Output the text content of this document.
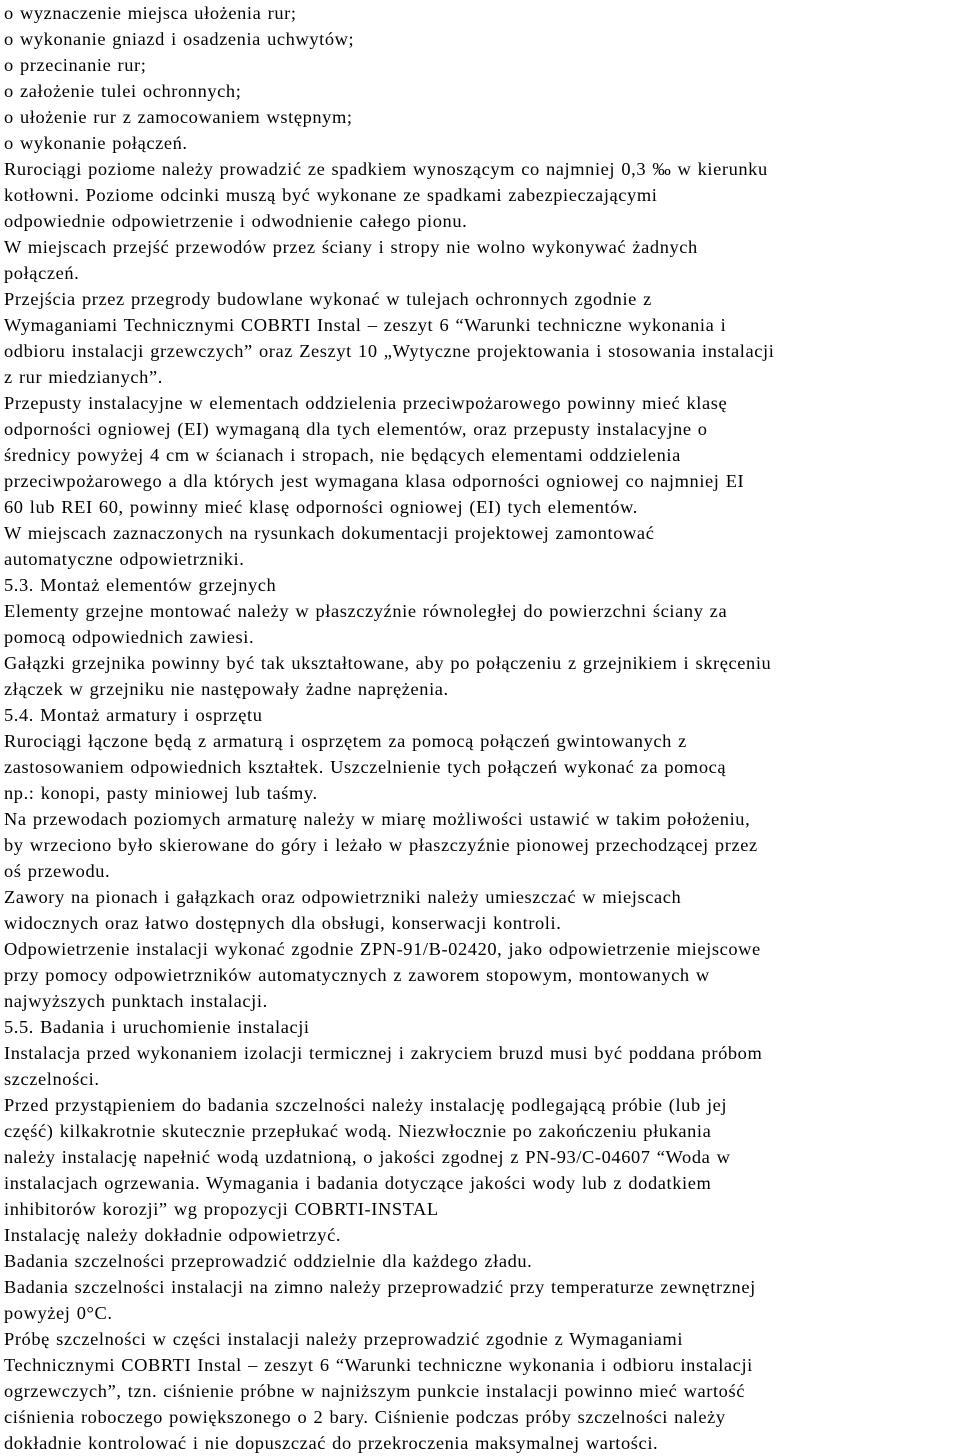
o wyznaczenie miejsca ułożenia rur;
o wykonanie gniazd i osadzenia uchwytów;
o przecinanie rur;
o założenie tulei ochronnych;
o ułożenie rur z zamocowaniem wstępnym;
o wykonanie połączeń.
Rurociągi poziome należy prowadzić ze spadkiem wynoszącym co najmniej 0,3 ‰ w kierunku
kotłowni. Poziome odcinki muszą być wykonane ze spadkami zabezpieczającymi
odpowiednie odpowietrzenie i odwodnienie całego pionu.
W miejscach przejść przewodów przez ściany i stropy nie wolno wykonywać żadnych
połączeń.
Przejścia przez przegrody budowlane wykonać w tulejach ochronnych zgodnie z
Wymaganiami Technicznymi COBRTI Instal – zeszyt 6 “Warunki techniczne wykonania i
odbioru instalacji grzewczych” oraz Zeszyt 10 „Wytyczne projektowania i stosowania instalacji
z rur miedzianych”.
Przepusty instalacyjne w elementach oddzielenia przeciwpożarowego powinny mieć klasę
odporności ogniowej (EI) wymaganą dla tych elementów, oraz przepusty instalacyjne o
średnicy powyżej 4 cm w ścianach i stropach, nie będących elementami oddzielenia
przeciwpożarowego a dla których jest wymagana klasa odporności ogniowej co najmniej EI
60 lub REI 60, powinny mieć klasę odporności ogniowej (EI) tych elementów.
W miejscach zaznaczonych na rysunkach dokumentacji projektowej zamontować
automatyczne odpowietrzniki.
5.3. Montaż elementów grzejnych
Elementy grzejne montować należy w płaszczyźnie równoległej do powierzchni ściany za
pomocą odpowiednich zawiesi.
Gałązki grzejnika powinny być tak ukształtowane, aby po połączeniu z grzejnikiem i skręceniu
złączek w grzejniku nie następowały żadne naprężenia.
5.4. Montaż armatury i osprzętu
Rurociągi łączone będą z armaturą i osprzętem za pomocą połączeń gwintowanych z
zastosowaniem odpowiednich kształtek. Uszczelnienie tych połączeń wykonać za pomocą
np.: konopi, pasty miniowej lub taśmy.
Na przewodach poziomych armaturę należy w miarę możliwości ustawić w takim położeniu,
by wrzeciono było skierowane do góry i leżało w płaszczyźnie pionowej przechodzącej przez
oś przewodu.
Zawory na pionach i gałązkach oraz odpowietrzniki należy umieszczać w miejscach
widocznych oraz łatwo dostępnych dla obsługi, konserwacji kontroli.
Odpowietrzenie instalacji wykonać zgodnie ZPN-91/B-02420, jako odpowietrzenie miejscowe
przy pomocy odpowietrzników automatycznych z zaworem stopowym, montowanych w
najwyższych punktach instalacji.
5.5. Badania i uruchomienie instalacji
Instalacja przed wykonaniem izolacji termicznej i zakryciem bruzd musi być poddana próbom
szczelności.
Przed przystąpieniem do badania szczelności należy instalację podlegającą próbie (lub jej
część) kilkakrotnie skutecznie przepłukać wodą. Niezwłocznie po zakończeniu płukania
należy instalację napełnić wodą uzdatnioną, o jakości zgodnej z PN-93/C-04607 “Woda w
instalacjach ogrzewania. Wymagania i badania dotyczące jakości wody lub z dodatkiem
inhibitorów korozji” wg propozycji COBRTI-INSTAL
Instalację należy dokładnie odpowietrzyć.
Badania szczelności przeprowadzić oddzielnie dla każdego zładu.
Badania szczelności instalacji na zimno należy przeprowadzić przy temperaturze zewnętrznej
powyżej 0°C.
Próbę szczelności w części instalacji należy przeprowadzić zgodnie z Wymaganiami
Technicznymi COBRTI Instal – zeszyt 6 “Warunki techniczne wykonania i odbioru instalacji
ogrzewczych”, tzn. ciśnienie próbne w najniższym punkcie instalacji powinno mieć wartość
ciśnienia roboczego powiększonego o 2 bary. Ciśnienie podczas próby szczelności należy
dokładnie kontrolować i nie dopuszczać do przekroczenia maksymalnej wartości.
